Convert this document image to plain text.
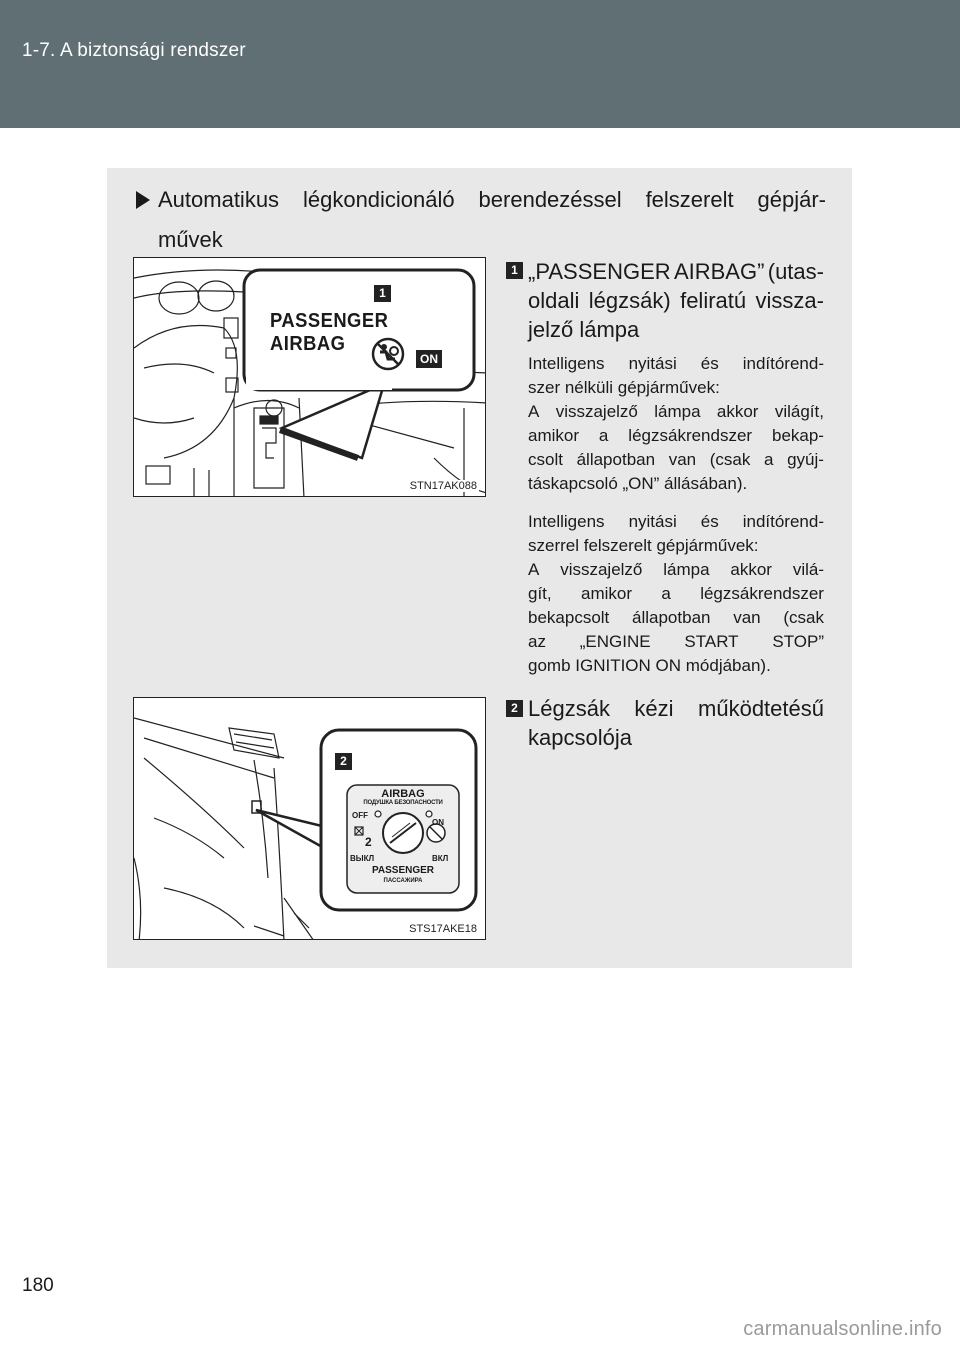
1-7. A biztonsági rendszer
Automatikus légkondicionáló berendezéssel felszerelt gépjár-
művek
1
PASSENGER AIRBAG
ON
STN17AK088
2
AIRBAG
ПОДУШКА БЕЗОПАСНОСТИ
OFF
ON
2
ВЫКЛ	ВКЛ
PASSENGER
ПАССАЖИРА
STS17AKE18
1 „PASSENGER AIRBAG” (utas-
oldali légzsák) feliratú vissza-
jelző lámpa
Intelligens nyitási és indítórend-
szer nélküli gépjárművek:
A visszajelző lámpa akkor világít,
amikor a légzsákrendszer bekap-
csolt állapotban van (csak a gyúj-
táskapcsoló „ON” állásában).
Intelligens nyitási és indítórend-
szerrel felszerelt gépjárművek:
A visszajelző lámpa akkor vilá-
gít, amikor a légzsákrendszer
bekapcsolt állapotban van (csak
az „ENGINE START STOP”
gomb IGNITION ON módjában).
2 Légzsák kézi működtetésű
kapcsolója
180
carmanualsonline.info
